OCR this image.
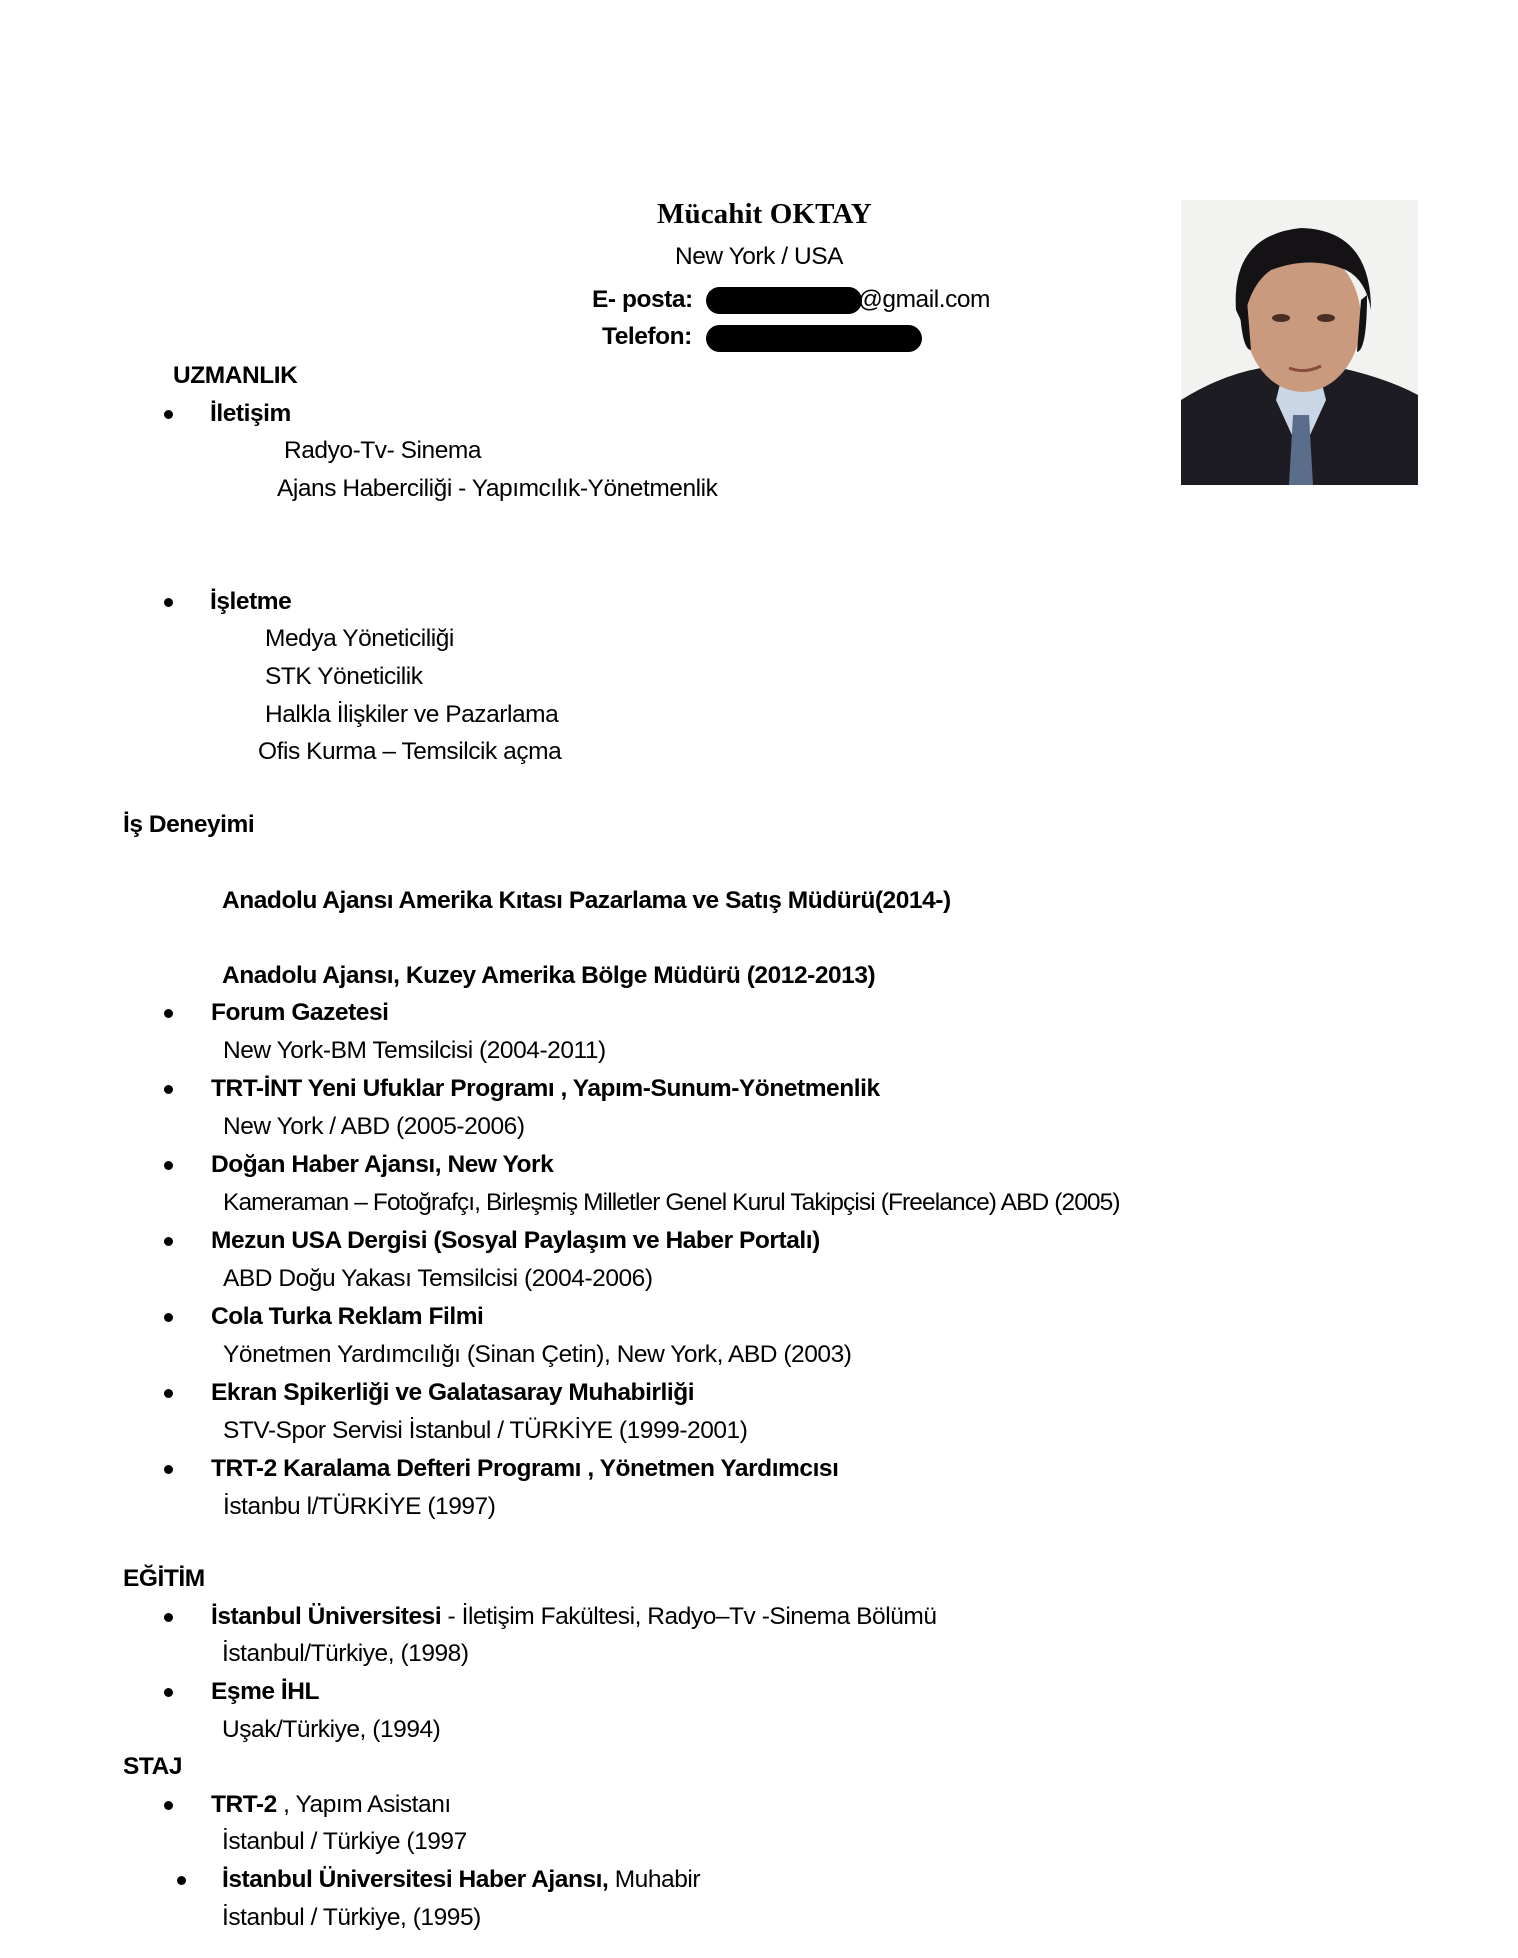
Mücahit OKTAY
New York / USA
E- posta:	@gmail.com
Telefon:
UZMANLIK
İletişim
Radyo-Tv- Sinema
Ajans Haberciliği - Yapımcılık-Yönetmenlik
İşletme
Medya Yöneticiliği
STK Yöneticilik
Halkla İlişkiler ve Pazarlama
Ofis Kurma – Temsilcik açma
İş Deneyimi
Anadolu Ajansı Amerika Kıtası Pazarlama ve Satış Müdürü(2014-)
Anadolu Ajansı, Kuzey Amerika Bölge Müdürü (2012-2013)
Forum Gazetesi
New York-BM Temsilcisi (2004-2011)
TRT-İNT Yeni Ufuklar Programı , Yapım-Sunum-Yönetmenlik
New York / ABD (2005-2006)
Doğan Haber Ajansı, New York
Kameraman – Fotoğrafçı, Birleşmiş Milletler Genel Kurul Takipçisi (Freelance) ABD (2005)
Mezun USA Dergisi (Sosyal Paylaşım ve Haber Portalı)
ABD Doğu Yakası Temsilcisi (2004-2006)
Cola Turka Reklam Filmi
Yönetmen Yardımcılığı (Sinan Çetin), New York, ABD (2003)
Ekran Spikerliği ve Galatasaray Muhabirliği
STV-Spor Servisi İstanbul / TÜRKİYE (1999-2001)
TRT-2 Karalama Defteri Programı , Yönetmen Yardımcısı
İstanbu l/TÜRKİYE (1997)
EĞİTİM
İstanbul Üniversitesi - İletişim Fakültesi, Radyo–Tv -Sinema Bölümü
İstanbul/Türkiye, (1998)
Eşme İHL
Uşak/Türkiye, (1994)
STAJ
TRT-2 , Yapım Asistanı
İstanbul / Türkiye (1997
İstanbul Üniversitesi Haber Ajansı, Muhabir
İstanbul / Türkiye, (1995)
